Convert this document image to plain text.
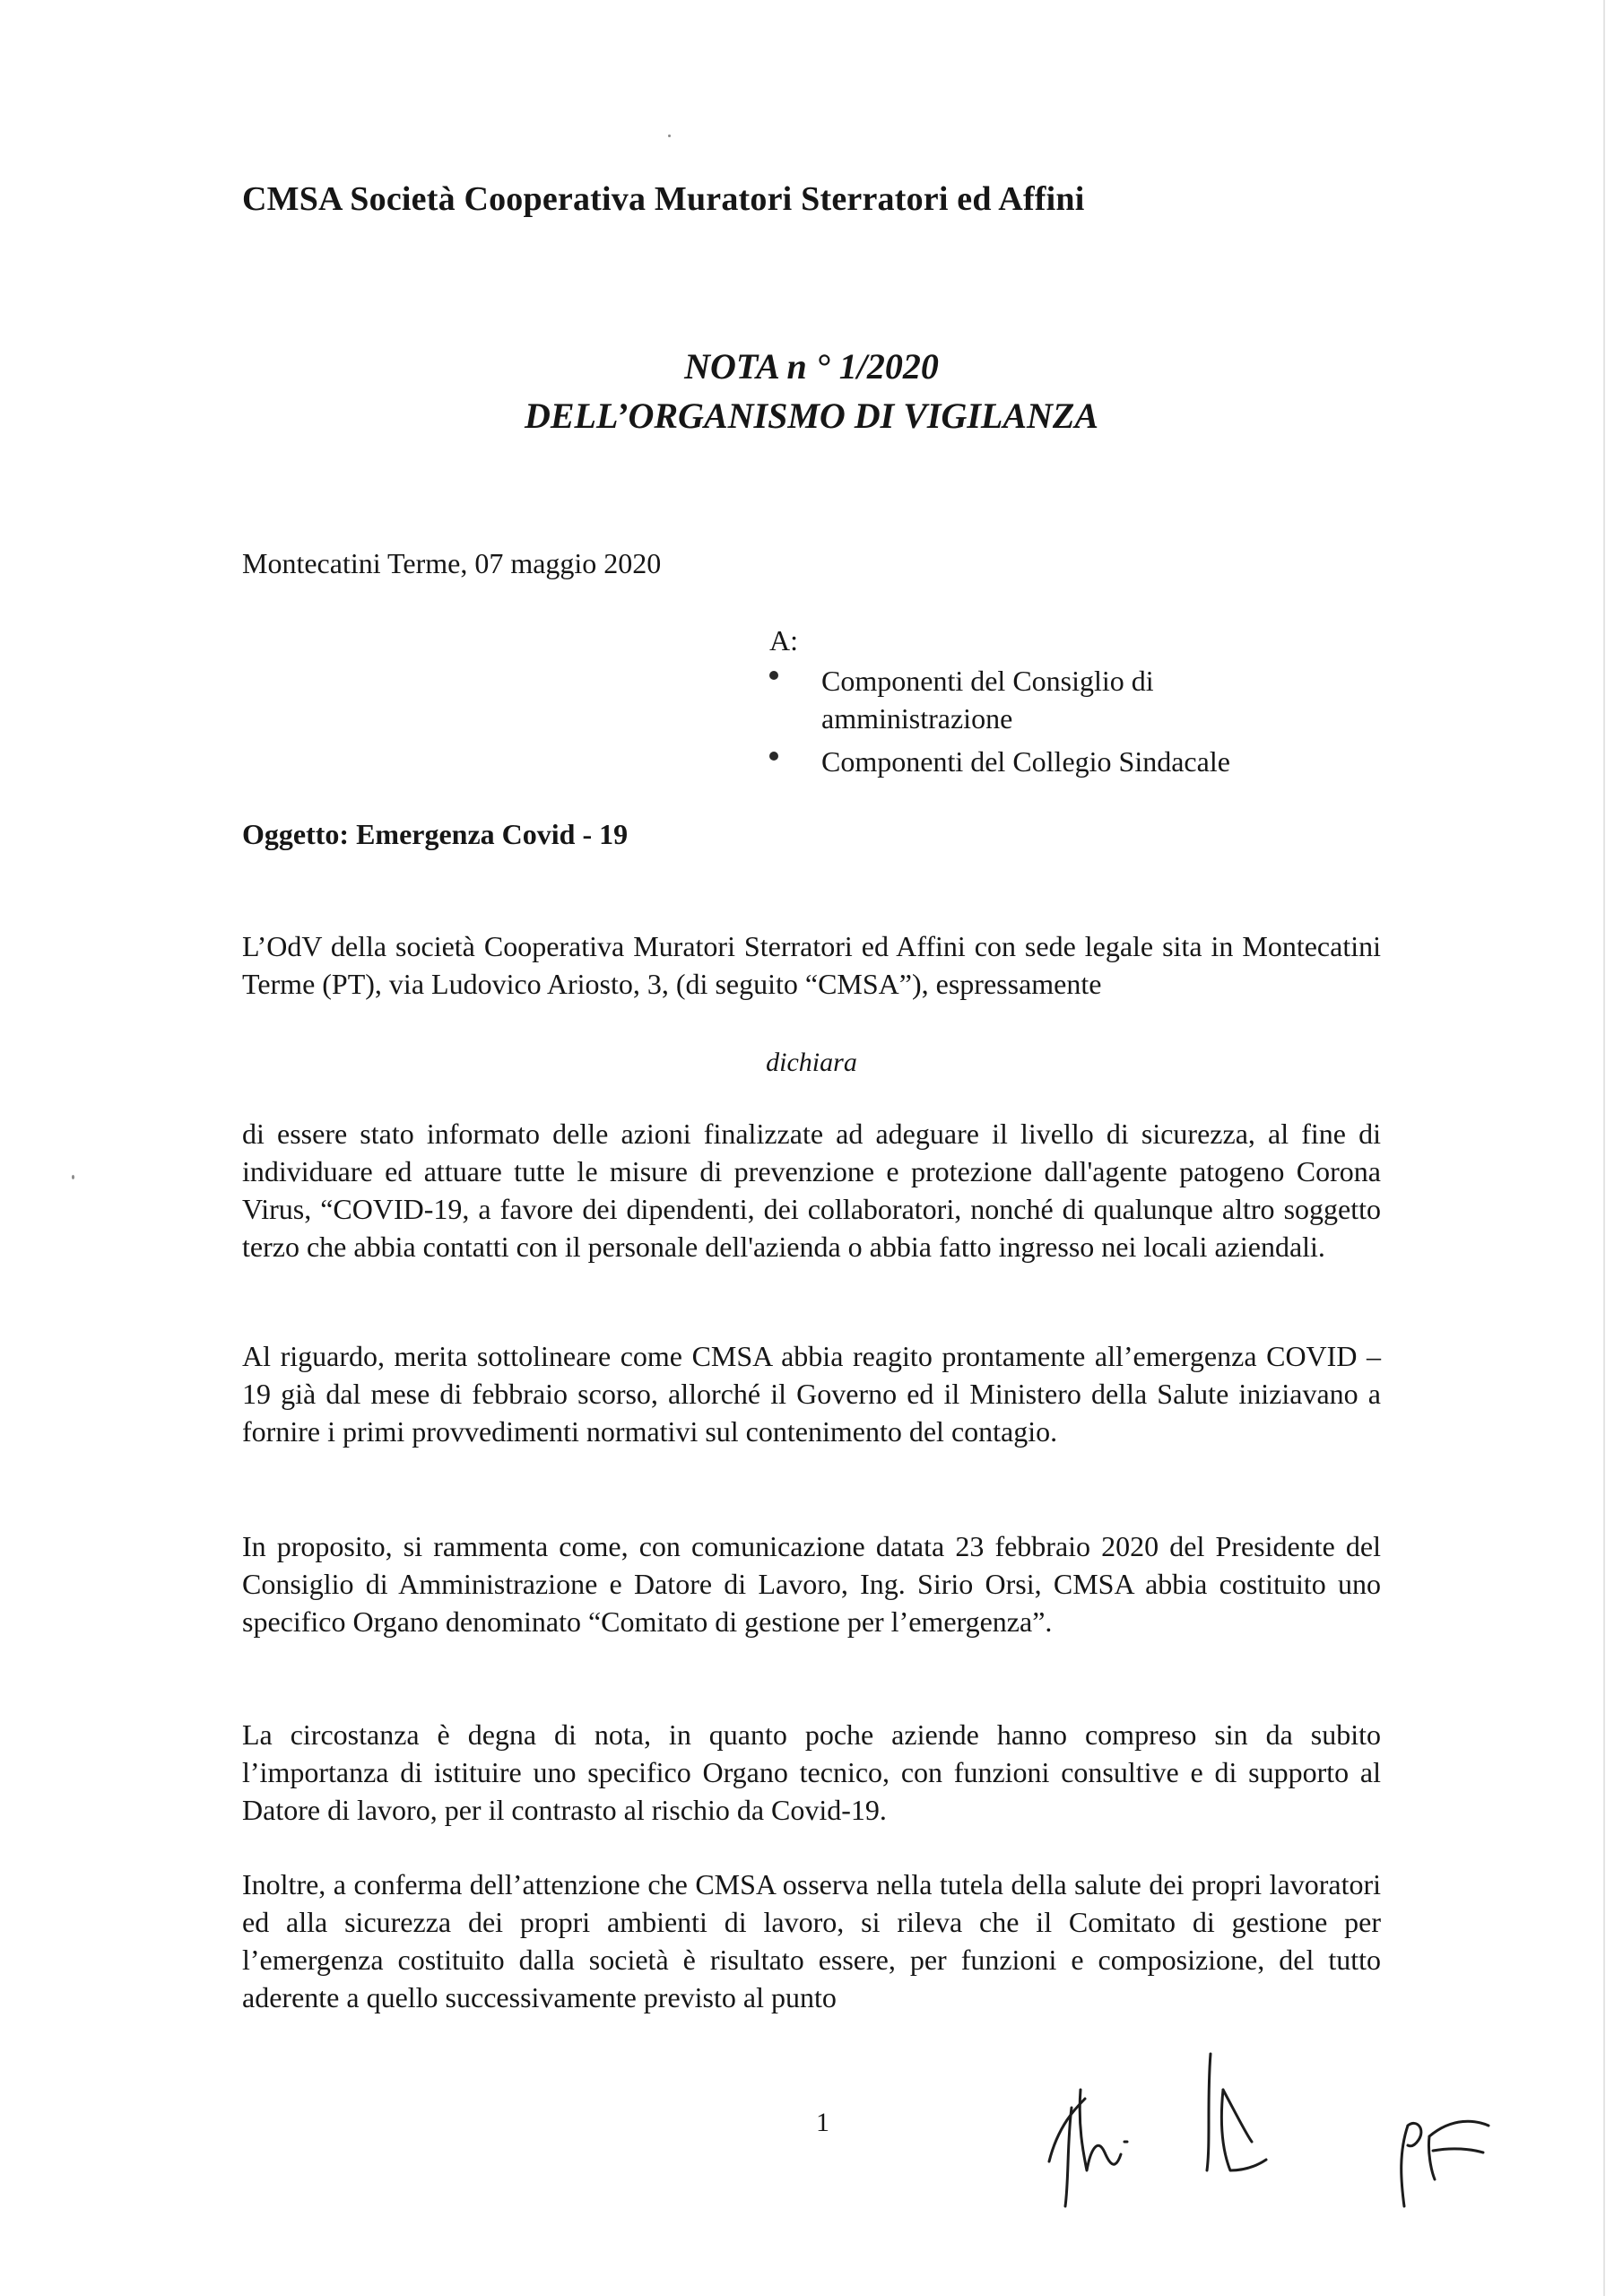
CMSA Società Cooperativa Muratori Sterratori ed Affini

NOTA n ° 1/2020

DELL’ORGANISMO DI VIGILANZA

Montecatini Terme, 07 maggio 2020

A:

Componenti del Consiglio di amministrazione
Componenti del Collegio Sindacale

Oggetto: Emergenza Covid - 19

L’OdV della società Cooperativa Muratori Sterratori ed Affini con sede legale sita in Montecatini Terme (PT), via Ludovico Ariosto, 3, (di seguito “CMSA”), espressamente

dichiara

di essere stato informato delle azioni finalizzate ad adeguare il livello di sicurezza, al fine di individuare ed attuare tutte le misure di prevenzione e protezione dall'agente patogeno Corona Virus, “COVID-19, a favore dei dipendenti, dei collaboratori, nonché di qualunque altro soggetto terzo che abbia contatti con il personale dell'azienda o abbia fatto ingresso nei locali aziendali.

Al riguardo, merita sottolineare come CMSA abbia reagito prontamente all’emergenza COVID – 19 già dal mese di febbraio scorso, allorché il Governo ed il Ministero della Salute iniziavano a fornire i primi provvedimenti normativi sul contenimento del contagio.

In proposito, si rammenta come, con comunicazione datata 23 febbraio 2020 del Presidente del Consiglio di Amministrazione e Datore di Lavoro, Ing. Sirio Orsi, CMSA abbia costituito uno specifico Organo denominato “Comitato di gestione per l’emergenza”.

La circostanza è degna di nota, in quanto poche aziende hanno compreso sin da subito l’importanza di istituire uno specifico Organo tecnico, con funzioni consultive e di supporto al Datore di lavoro, per il contrasto al rischio da Covid-19.

Inoltre, a conferma dell’attenzione che CMSA osserva nella tutela della salute dei propri lavoratori ed alla sicurezza dei propri ambienti di lavoro, si rileva che il Comitato di gestione per l’emergenza costituito dalla società è risultato essere, per funzioni e composizione, del tutto aderente a quello successivamente previsto al punto

1
